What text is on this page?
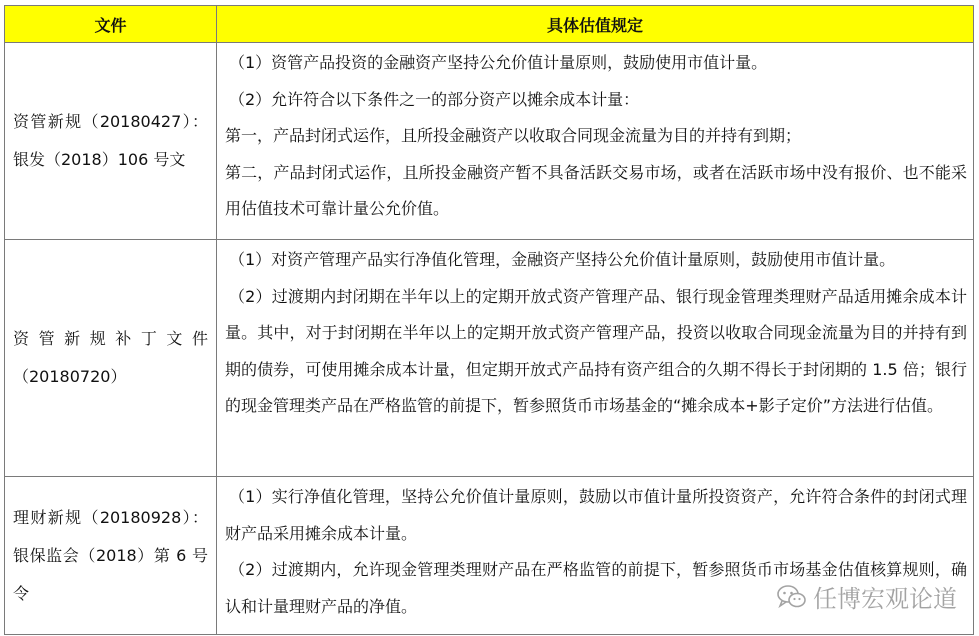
文件	具体估值规定
资管新规（20180427）：银发（2018）106 号文	（1）资管产品投资的金融资产坚持公允价值计量原则，鼓励使用市值计量。
（2）允许符合以下条件之一的部分资产以摊余成本计量：
第一，产品封闭式运作，且所投金融资产以收取合同现金流量为目的并持有到期；
第二，产品封闭式运作，且所投金融资产暂不具备活跃交易市场，或者在活跃市场中没有报价、也不能采用估值技术可靠计量公允价值。

资管新规补丁文件（20180720）	（1）对资产管理产品实行净值化管理，金融资产坚持公允价值计量原则，鼓励使用市值计量。
（2）过渡期内封闭期在半年以上的定期开放式资产管理产品、银行现金管理类理财产品适用摊余成本计量。其中，对于封闭期在半年以上的定期开放式资产管理产品，投资以收取合同现金流量为目的并持有到期的债券，可使用摊余成本计量，但定期开放式产品持有资产组合的久期不得长于封闭期的 1.5 倍；银行的现金管理类产品在严格监管的前提下，暂参照货币市场基金的“摊余成本+影子定价”方法进行估值。

理财新规（20180928）：银保监会（2018）第 6 号令	（1）实行净值化管理，坚持公允价值计量原则，鼓励以市值计量所投资资产，允许符合条件的封闭式理财产品采用摊余成本计量。
（2）过渡期内，允许现金管理类理财产品在严格监管的前提下，暂参照货币市场基金估值核算规则，确认和计量理财产品的净值。	任博宏观论道
